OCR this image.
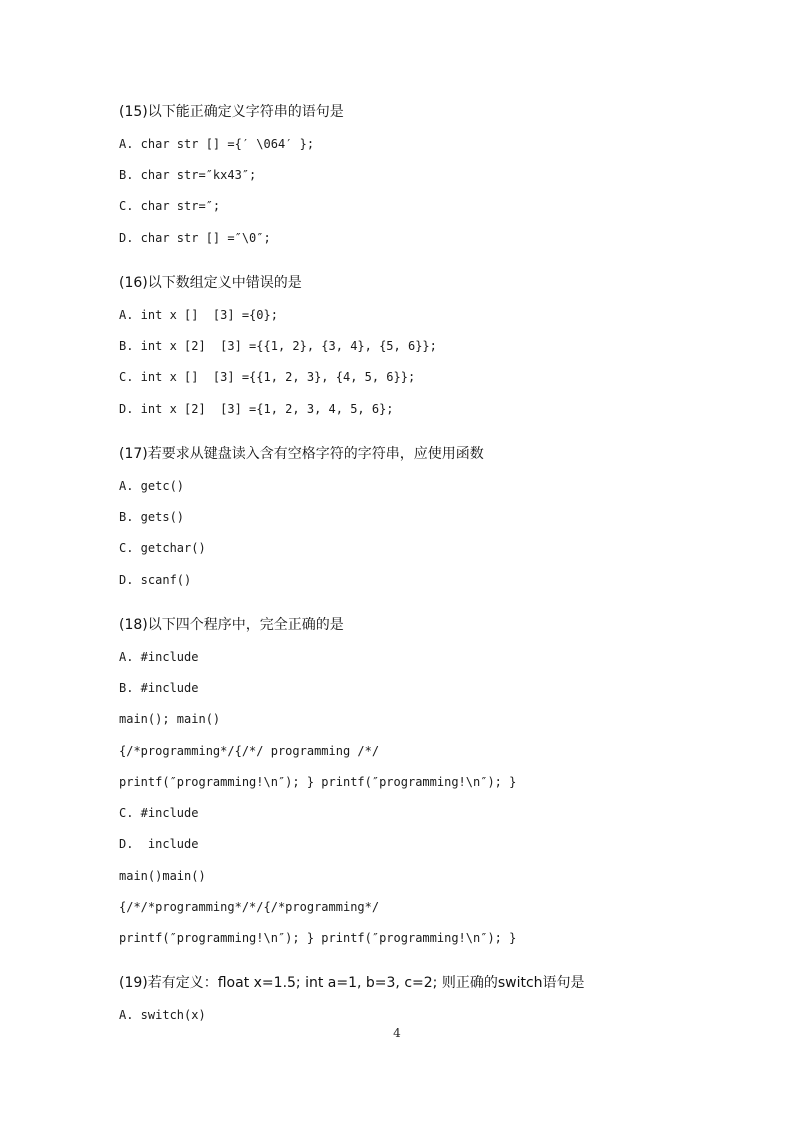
(15)以下能正确定义字符串的语句是
A. char str [] ={′ \064′ };
B. char str=″kx43″;
C. char str=″;
D. char str [] =″\0″;
(16)以下数组定义中错误的是
A. int x []  [3] ={0};
B. int x [2]  [3] ={{1, 2}, {3, 4}, {5, 6}};
C. int x []  [3] ={{1, 2, 3}, {4, 5, 6}};
D. int x [2]  [3] ={1, 2, 3, 4, 5, 6};
(17)若要求从键盘读入含有空格字符的字符串，应使用函数
A. getc()
B. gets()
C. getchar()
D. scanf()
(18)以下四个程序中，完全正确的是
A. #include
B. #include
main(); main()
{/*programming*/{/*/ programming /*/
printf(″programming!\n″); } printf(″programming!\n″); }
C. #include
D.  include
main()main()
{/*/*programming*/*/{/*programming*/
printf(″programming!\n″); } printf(″programming!\n″); }
(19)若有定义：float x=1.5; int a=1, b=3, c=2; 则正确的switch语句是
A. switch(x)
4
